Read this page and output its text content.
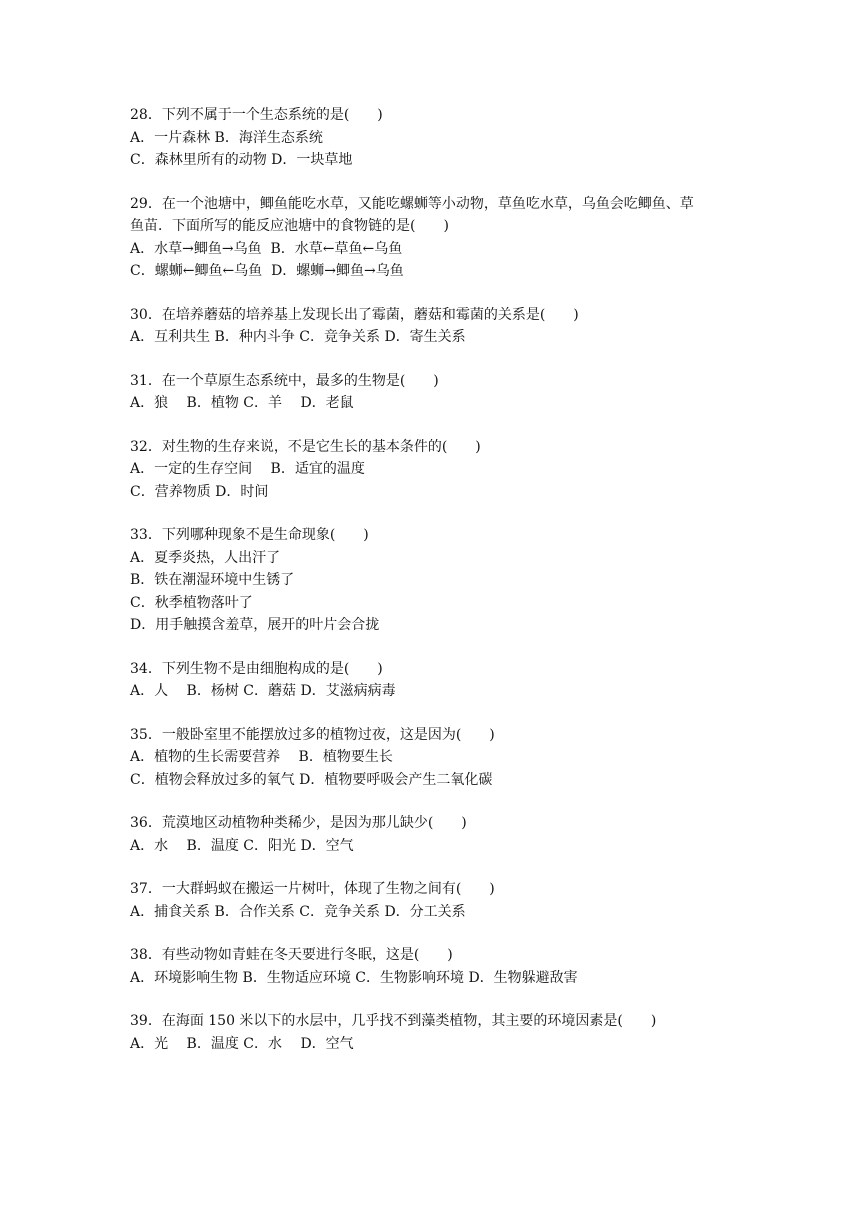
28．下列不属于一个生态系统的是(　　)
A．一片森林 B．海洋生态系统
C．森林里所有的动物 D．一块草地
29．在一个池塘中，鲫鱼能吃水草，又能吃螺蛳等小动物，草鱼吃水草，乌鱼会吃鲫鱼、草
鱼苗．下面所写的能反应池塘中的食物链的是(　　)
A．水草→鲫鱼→乌鱼  B．水草←草鱼←乌鱼
C．螺蛳←鲫鱼←乌鱼  D．螺蛳→鲫鱼→乌鱼
30．在培养蘑菇的培养基上发现长出了霉菌，蘑菇和霉菌的关系是(　　)
A．互利共生 B．种内斗争 C．竞争关系 D．寄生关系
31．在一个草原生态系统中，最多的生物是(　　)
A．狼　 B．植物 C．羊　 D．老鼠
32．对生物的生存来说，不是它生长的基本条件的(　　)
A．一定的生存空间　 B．适宜的温度
C．营养物质 D．时间
33．下列哪种现象不是生命现象(　　)
A．夏季炎热，人出汗了
B．铁在潮湿环境中生锈了
C．秋季植物落叶了
D．用手触摸含羞草，展开的叶片会合拢
34．下列生物不是由细胞构成的是(　　)
A．人　 B．杨树 C．蘑菇 D．艾滋病病毒
35．一般卧室里不能摆放过多的植物过夜，这是因为(　　)
A．植物的生长需要营养　 B．植物要生长
C．植物会释放过多的氧气 D．植物要呼吸会产生二氧化碳
36．荒漠地区动植物种类稀少，是因为那儿缺少(　　)
A．水　 B．温度 C．阳光 D．空气
37．一大群蚂蚁在搬运一片树叶，体现了生物之间有(　　)
A．捕食关系 B．合作关系 C．竞争关系 D．分工关系
38．有些动物如青蛙在冬天要进行冬眠，这是(　　)
A．环境影响生物 B．生物适应环境 C．生物影响环境 D．生物躲避敌害
39．在海面 150 米以下的水层中，几乎找不到藻类植物，其主要的环境因素是(　　)
A．光　 B．温度 C．水　 D．空气
